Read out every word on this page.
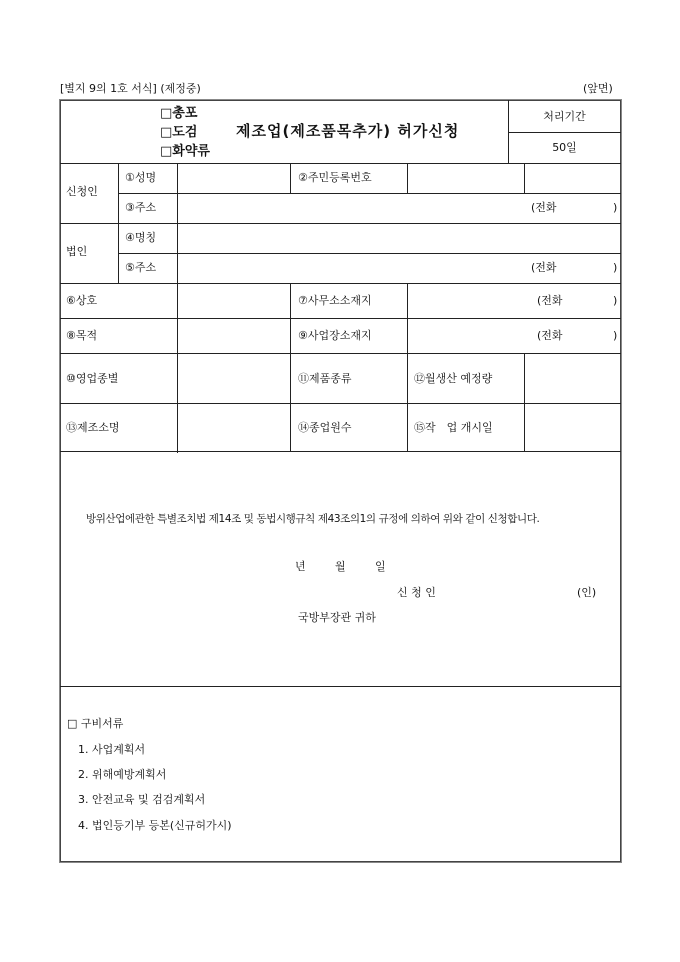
[별지 9의 1호 서식] (제정중)	(앞면)
□총포
□도검
□화약류
제조업(제조품목추가) 허가신청
처리기간
50일
신청인
①성명	②주민등록번호
③주소	(전화	)
법인
④명칭
⑤주소	(전화	)
⑥상호	⑦사무소소재지	(전화	)
⑧목적	⑨사업장소재지	(전화	)
⑩영업종별	⑪제품종류	⑫월생산 예정량
⑬제조소명	⑭종업원수	⑮작　업 개시일
방위산업에관한 특별조치법 제14조 및 동법시행규칙 제43조의1의 규정에 의하여 위와 같이 신청합니다.
년	월	일
신 청 인	(인)
국방부장관 귀하
□ 구비서류
1. 사업계획서
2. 위해예방계획서
3. 안전교육 및 검검계획서
4. 법인등기부 등본(신규허가시)
